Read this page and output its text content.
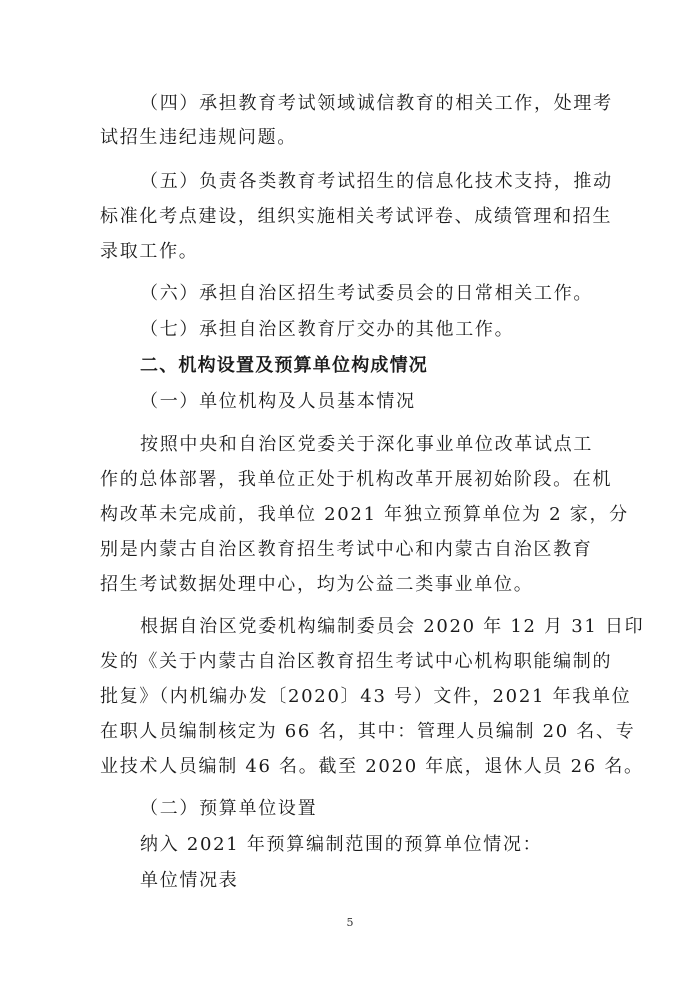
（四）承担教育考试领域诚信教育的相关工作，处理考
试招生违纪违规问题。
（五）负责各类教育考试招生的信息化技术支持，推动
标准化考点建设，组织实施相关考试评卷、成绩管理和招生
录取工作。
（六）承担自治区招生考试委员会的日常相关工作。
（七）承担自治区教育厅交办的其他工作。
二、机构设置及预算单位构成情况
（一）单位机构及人员基本情况
按照中央和自治区党委关于深化事业单位改革试点工
作的总体部署，我单位正处于机构改革开展初始阶段。在机
构改革未完成前，我单位 2021 年独立预算单位为 2 家，分
别是内蒙古自治区教育招生考试中心和内蒙古自治区教育
招生考试数据处理中心，均为公益二类事业单位。
根据自治区党委机构编制委员会 2020 年 12 月 31 日印
发的《关于内蒙古自治区教育招生考试中心机构职能编制的
批复》（内机编办发〔2020〕43 号）文件，2021 年我单位
在职人员编制核定为 66 名，其中：管理人员编制 20 名、专
业技术人员编制 46 名。截至 2020 年底，退休人员 26 名。
（二）预算单位设置
纳入 2021 年预算编制范围的预算单位情况：
单位情况表
5
